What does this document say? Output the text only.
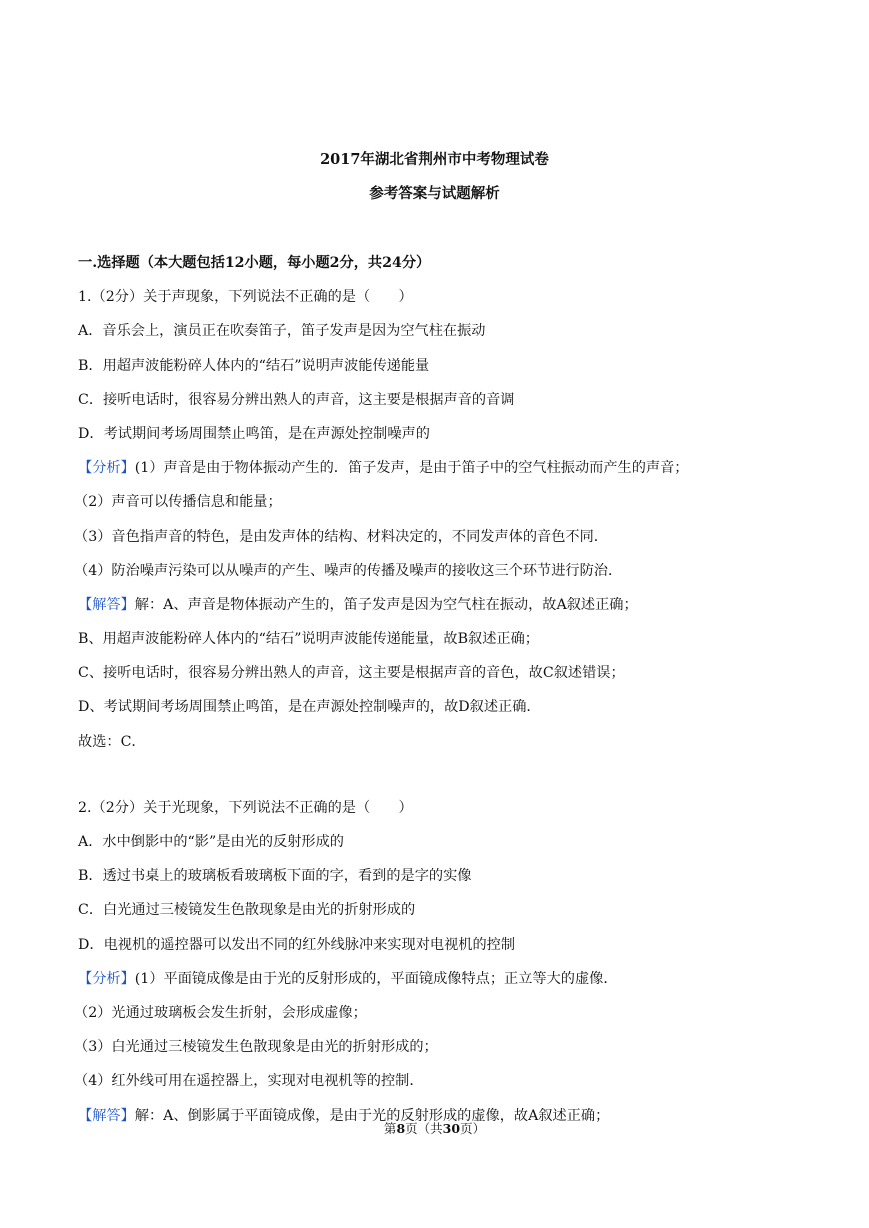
2017年湖北省荆州市中考物理试卷
参考答案与试题解析
一.选择题（本大题包括12小题，每小题2分，共24分）
1.（2分）关于声现象，下列说法不正确的是（　　）
A．音乐会上，演员正在吹奏笛子，笛子发声是因为空气柱在振动
B．用超声波能粉碎人体内的“结石”说明声波能传递能量
C．接听电话时，很容易分辨出熟人的声音，这主要是根据声音的音调
D．考试期间考场周围禁止鸣笛，是在声源处控制噪声的
【分析】(1）声音是由于物体振动产生的．笛子发声，是由于笛子中的空气柱振动而产生的声音；
（2）声音可以传播信息和能量；
（3）音色指声音的特色，是由发声体的结构、材料决定的，不同发声体的音色不同．
（4）防治噪声污染可以从噪声的产生、噪声的传播及噪声的接收这三个环节进行防治．
【解答】解：A、声音是物体振动产生的，笛子发声是因为空气柱在振动，故A叙述正确；
B、用超声波能粉碎人体内的“结石”说明声波能传递能量，故B叙述正确；
C、接听电话时，很容易分辨出熟人的声音，这主要是根据声音的音色，故C叙述错误；
D、考试期间考场周围禁止鸣笛，是在声源处控制噪声的，故D叙述正确．
故选：C．
2.（2分）关于光现象，下列说法不正确的是（　　）
A．水中倒影中的“影”是由光的反射形成的
B．透过书桌上的玻璃板看玻璃板下面的字，看到的是字的实像
C．白光通过三棱镜发生色散现象是由光的折射形成的
D．电视机的遥控器可以发出不同的红外线脉冲来实现对电视机的控制
【分析】(1）平面镜成像是由于光的反射形成的，平面镜成像特点；正立等大的虚像．
（2）光通过玻璃板会发生折射，会形成虚像；
（3）白光通过三棱镜发生色散现象是由光的折射形成的；
（4）红外线可用在遥控器上，实现对电视机等的控制．
【解答】解：A、倒影属于平面镜成像，是由于光的反射形成的虚像，故A叙述正确；
第8页（共30页）
